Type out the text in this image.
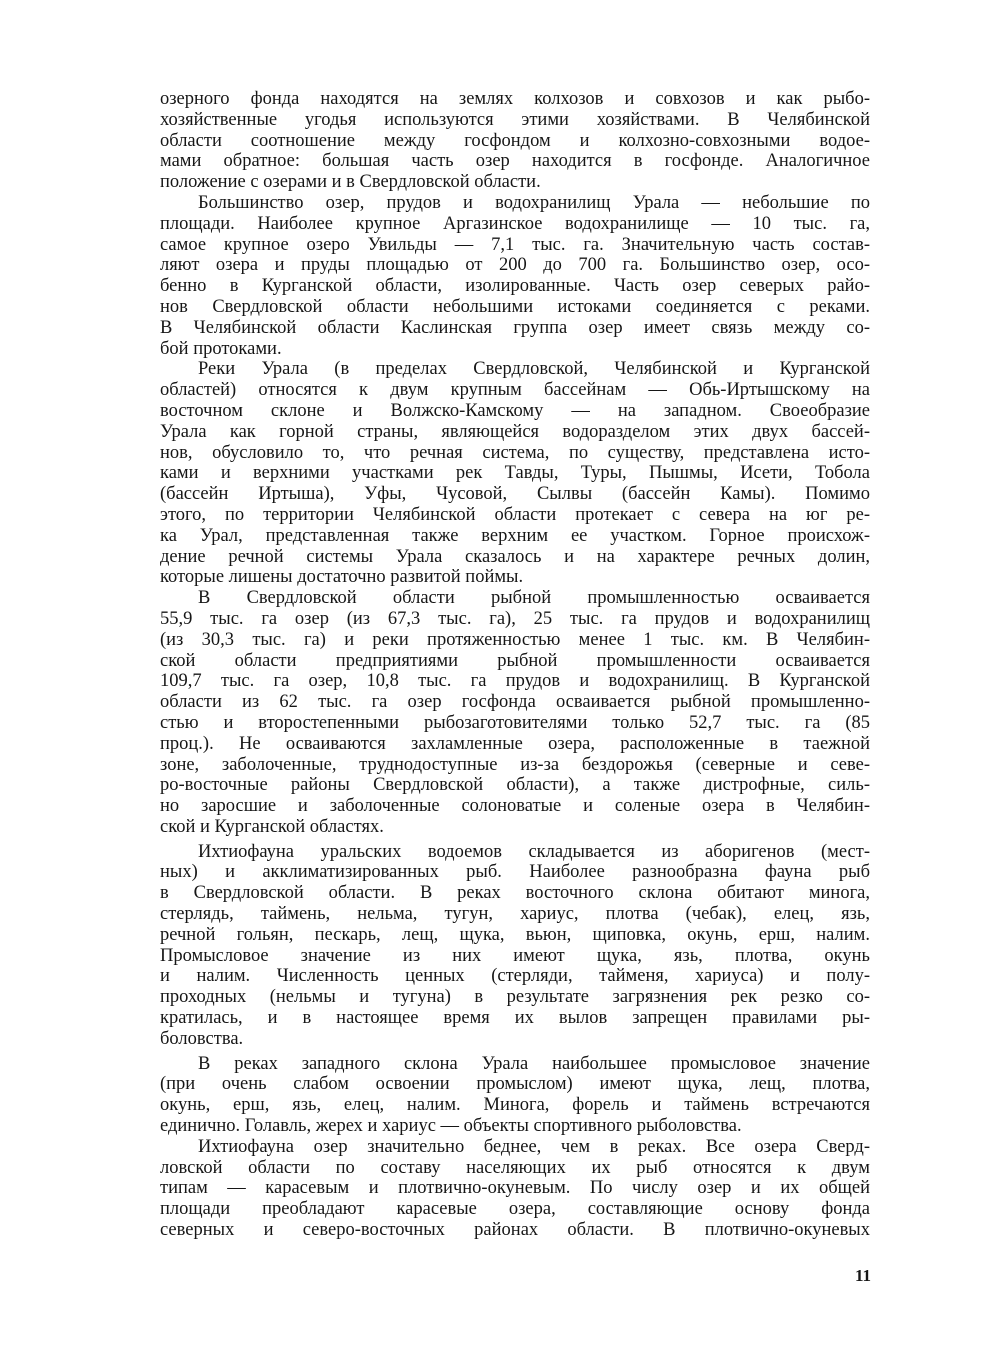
озерного фонда находятся на землях колхозов и совхозов и как рыбо-
хозяйственные угодья используются этими хозяйствами. В Челябинской
области соотношение между госфондом и колхозно-совхозными водое-
мами обратное: большая часть озер находится в госфонде. Аналогичное
положение с озерами и в Свердловской области.
Большинство озер, прудов и водохранилищ Урала — небольшие по
площади. Наиболее крупное Аргазинское водохранилище — 10 тыс. га,
самое крупное озеро Увильды — 7,1 тыс. га. Значительную часть состав-
ляют озера и пруды площадью от 200 до 700 га. Большинство озер, осо-
бенно в Курганской области, изолированные. Часть озер северых райо-
нов Свердловской области небольшими истоками соединяется с реками.
В Челябинской области Каслинская группа озер имеет связь между со-
бой протоками.
Реки Урала (в пределах Свердловской, Челябинской и Курганской
областей) относятся к двум крупным бассейнам — Обь-Иртышскому на
восточном склоне и Волжско-Камскому — на западном. Своеобразие
Урала как горной страны, являющейся водоразделом этих двух бассей-
нов, обусловило то, что речная система, по существу, представлена исто-
ками и верхними участками рек Тавды, Туры, Пышмы, Исети, Тобола
(бассейн Иртыша), Уфы, Чусовой, Сылвы (бассейн Камы). Помимо
этого, по территории Челябинской области протекает с севера на юг ре-
ка Урал, представленная также верхним ее участком. Горное происхож-
дение речной системы Урала сказалось и на характере речных долин,
которые лишены достаточно развитой поймы.
В Свердловской области рыбной промышленностью осваивается
55,9 тыс. га озер (из 67,3 тыс. га), 25 тыс. га прудов и водохранилищ
(из 30,3 тыс. га) и реки протяженностью менее 1 тыс. км. В Челябин-
ской области предприятиями рыбной промышленности осваивается
109,7 тыс. га озер, 10,8 тыс. га прудов и водохранилищ. В Курганской
области из 62 тыс. га озер госфонда осваивается рыбной промышленно-
стью и второстепенными рыбозаготовителями только 52,7 тыс. га (85
проц.). Не осваиваются захламленные озера, расположенные в таежной
зоне, заболоченные, труднодоступные из-за бездорожья (северные и севе-
ро-восточные районы Свердловской области), а также дистрофные, силь-
но заросшие и заболоченные солоноватые и соленые озера в Челябин-
ской и Курганской областях.
Ихтиофауна уральских водоемов складывается из аборигенов (мест-
ных) и акклиматизированных рыб. Наиболее разнообразна фауна рыб
в Свердловской области. В реках восточного склона обитают минога,
стерлядь, таймень, нельма, тугун, хариус, плотва (чебак), елец, язь,
речной гольян, пескарь, лещ, щука, вьюн, щиповка, окунь, ерш, налим.
Промысловое значение из них имеют щука, язь, плотва, окунь
и налим. Численность ценных (стерляди, тайменя, хариуса) и полу-
проходных (нельмы и тугуна) в результате загрязнения рек резко со-
кратилась, и в настоящее время их вылов запрещен правилами ры-
боловства.
В реках западного склона Урала наибольшее промысловое значение
(при очень слабом освоении промыслом) имеют щука, лещ, плотва,
окунь, ерш, язь, елец, налим. Минога, форель и таймень встречаются
единично. Голавль, жерех и хариус — объекты спортивного рыболовства.
Ихтиофауна озер значительно беднее, чем в реках. Все озера Сверд-
ловской области по составу населяющих их рыб относятся к двум
типам — карасевым и плотвично-окуневым. По числу озер и их общей
площади преобладают карасевые озера, составляющие основу фонда
северных и северо-восточных районах области. В плотвично-окуневых
11
